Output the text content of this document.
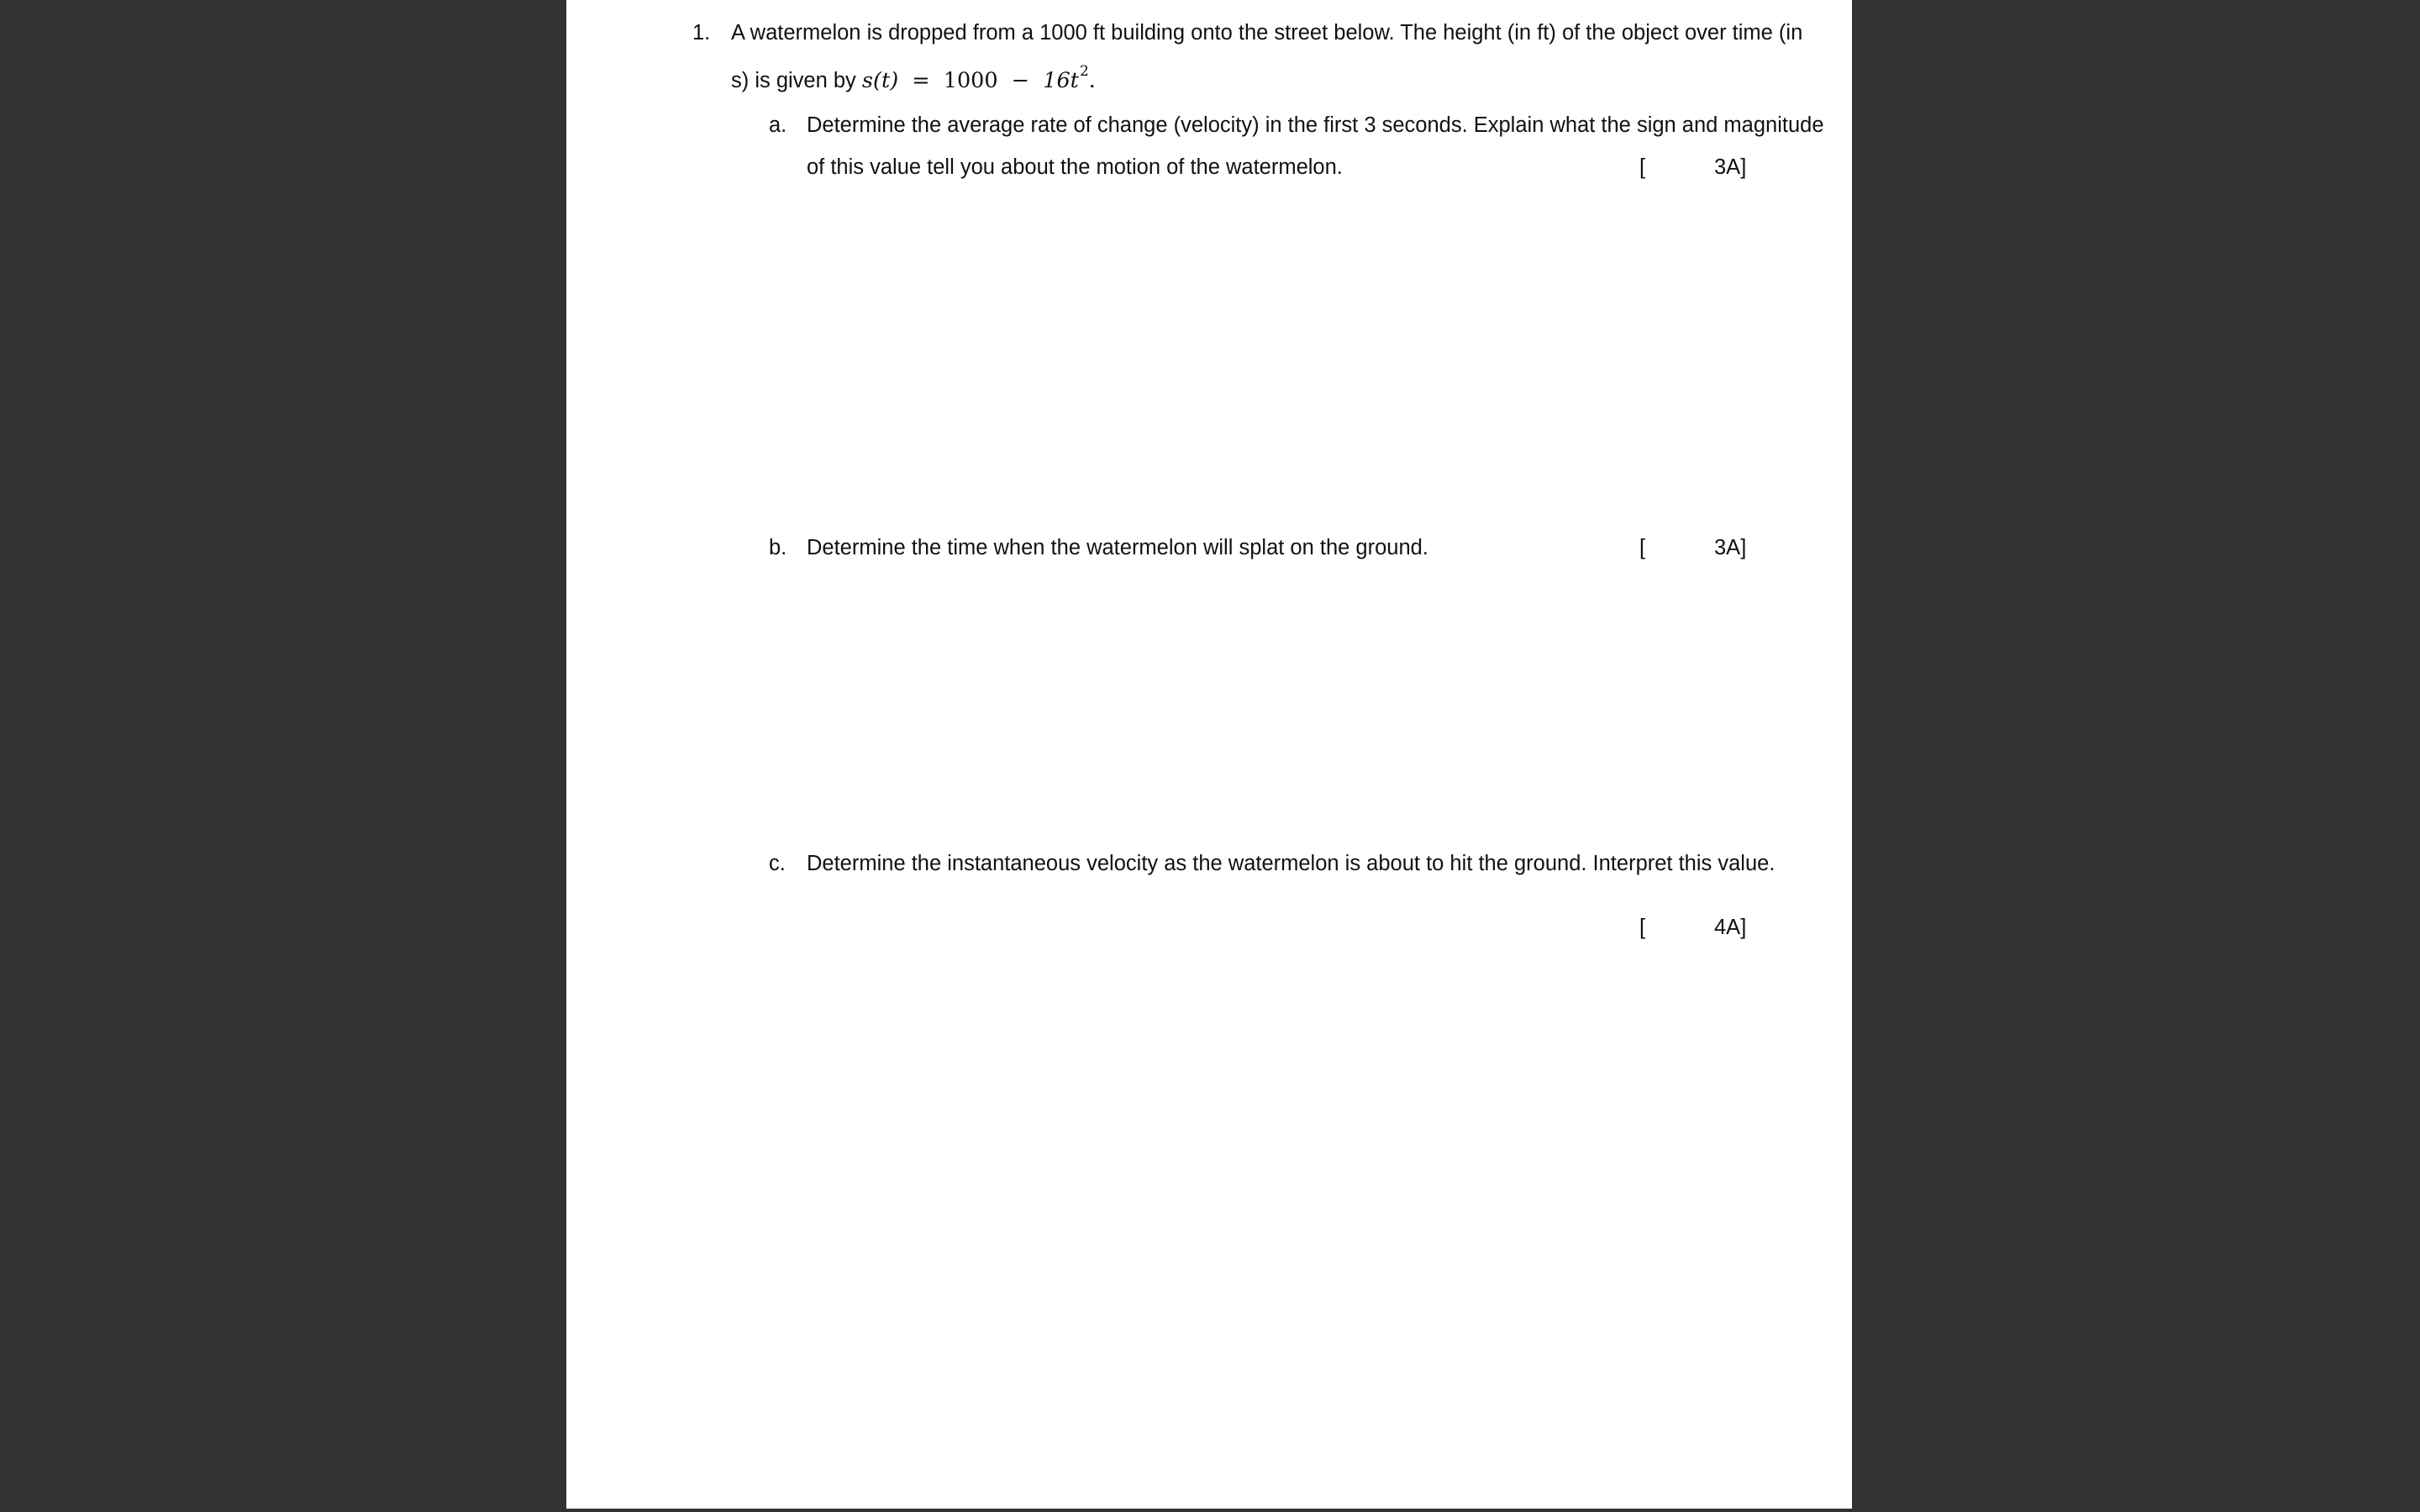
1. A watermelon is dropped from a 1000 ft building onto the street below. The height (in ft) of the object over time (in
s) is given by $s(t) = 1000 - 16t^2$.
a. Determine the average rate of change (velocity) in the first 3 seconds. Explain what the sign and magnitude
of this value tell you about the motion of the watermelon.	[	3A]
b. Determine the time when the watermelon will splat on the ground.	[	3A]
c. Determine the instantaneous velocity as the watermelon is about to hit the ground. Interpret this value.
[	4A]
